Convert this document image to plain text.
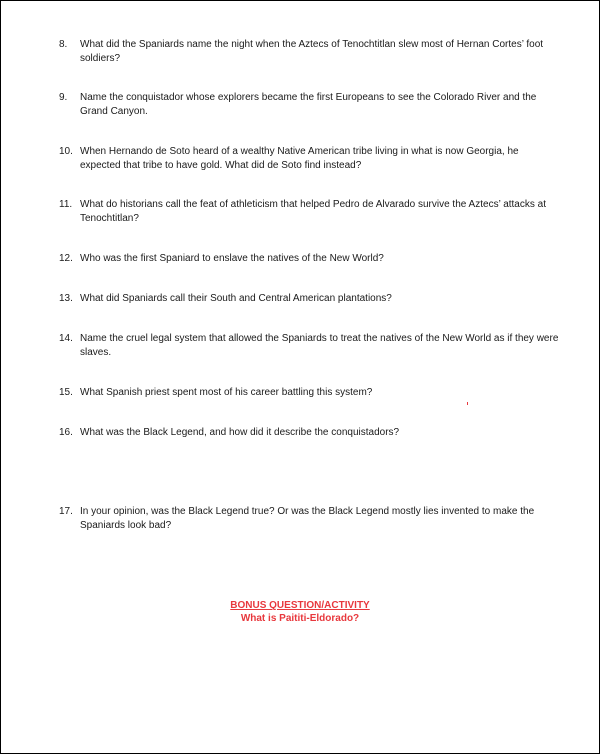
8.	What did the Spaniards name the night when the Aztecs of Tenochtitlan slew most of Hernan Cortes’ foot soldiers?
9.	Name the conquistador whose explorers became the first Europeans to see the Colorado River and the Grand Canyon.
10. When Hernando de Soto heard of a wealthy Native American tribe living in what is now Georgia, he expected that tribe to have gold. What did de Soto find instead?
11. What do historians call the feat of athleticism that helped Pedro de Alvarado survive the Aztecs’ attacks at Tenochtitlan?
12. Who was the first Spaniard to enslave the natives of the New World?
13. What did Spaniards call their South and Central American plantations?
14. Name the cruel legal system that allowed the Spaniards to treat the natives of the New World as if they were slaves.
15. What Spanish priest spent most of his career battling this system?
16. What was the Black Legend, and how did it describe the conquistadors?
17. In your opinion, was the Black Legend true? Or was the Black Legend mostly lies invented to make the Spaniards look bad?
BONUS QUESTION/ACTIVITY
What is Paititi-Eldorado?
